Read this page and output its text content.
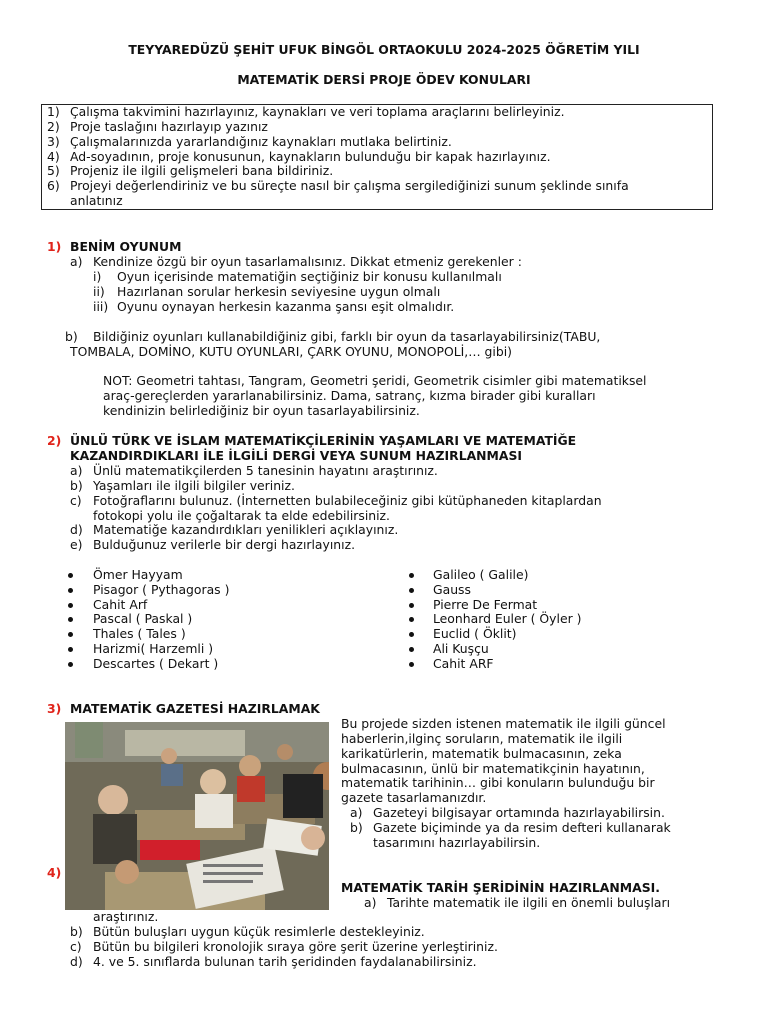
TEYYAREDÜZÜ ŞEHİT UFUK BİNGÖL ORTAOKULU 2024-2025 ÖĞRETİM YILI
MATEMATİK DERSİ PROJE ÖDEV KONULARI
1) Çalışma takvimini hazırlayınız, kaynakları ve veri toplama araçlarını belirleyiniz.
2) Proje taslağını hazırlayıp yazınız
3) Çalışmalarınızda yararlandığınız kaynakları mutlaka belirtiniz.
4) Ad-soyadının, proje konusunun, kaynakların bulunduğu bir kapak hazırlayınız.
5) Projeniz ile ilgili gelişmeleri bana bildiriniz.
6) Projeyi değerlendiriniz ve bu süreçte nasıl bir çalışma sergilediğinizi sunum şeklinde sınıfa
anlatınız
1) BENİM OYUNUM
a) Kendinize özgü bir oyun tasarlamalısınız. Dikkat etmeniz gerekenler :
i) Oyun içerisinde matematiğin seçtiğiniz bir konusu kullanılmalı
ii) Hazırlanan sorular herkesin seviyesine uygun olmalı
iii) Oyunu oynayan herkesin kazanma şansı eşit olmalıdır.
b) Bildiğiniz oyunları kullanabildiğiniz gibi, farklı bir oyun da tasarlayabilirsiniz(TABU,
TOMBALA, DOMİNO, KUTU OYUNLARI, ÇARK OYUNU, MONOPOLİ,… gibi)
NOT: Geometri tahtası, Tangram, Geometri şeridi, Geometrik cisimler gibi matematiksel
araç-gereçlerden yararlanabilirsiniz. Dama, satranç, kızma birader gibi kuralları
kendinizin belirlediğiniz bir oyun tasarlayabilirsiniz.
2) ÜNLÜ TÜRK VE İSLAM MATEMATİKÇİLERİNİN YAŞAMLARI VE MATEMATİĞE
KAZANDIRDIKLARI İLE İLGİLİ DERGİ VEYA SUNUM HAZIRLANMASI
a) Ünlü matematikçilerden 5 tanesinin hayatını araştırınız.
b) Yaşamları ile ilgili bilgiler veriniz.
c) Fotoğraflarını bulunuz. (İnternetten bulabileceğiniz gibi kütüphaneden kitaplardan
fotokopi yolu ile çoğaltarak ta elde edebilirsiniz.
d) Matematiğe kazandırdıkları yenilikleri açıklayınız.
e) Bulduğunuz verilerle bir dergi hazırlayınız.
Ömer Hayyam
Pisagor ( Pythagoras )
Cahit Arf
Pascal ( Paskal )
Thales ( Tales )
Harizmi( Harzemli )
Descartes ( Dekart )
Galileo ( Galile)
Gauss
Pierre De Fermat
Leonhard Euler ( Öyler )
Euclid ( Öklit)
Ali Kuşçu
Cahit ARF
3) MATEMATİK GAZETESİ HAZIRLAMAK
Bu projede sizden istenen matematik ile ilgili güncel
haberlerin,ilginç soruların, matematik ile ilgili
karikatürlerin, matematik bulmacasının, zeka
bulmacasının, ünlü bir matematikçinin hayatının,
matematik tarihinin… gibi konuların bulunduğu bir
gazete tasarlamanızdır.
a) Gazeteyi bilgisayar ortamında hazırlayabilirsin.
b) Gazete biçiminde ya da resim defteri kullanarak
tasarımını hazırlayabilirsin.
4)
MATEMATİK TARİH ŞERİDİNİN HAZIRLANMASI.
a) Tarihte matematik ile ilgili en önemli buluşları
araştırınız.
b) Bütün buluşları uygun küçük resimlerle destekleyiniz.
c) Bütün bu bilgileri kronolojik sıraya göre şerit üzerine yerleştiriniz.
d) 4. ve 5. sınıflarda bulunan tarih şeridinden faydalanabilirsiniz.
